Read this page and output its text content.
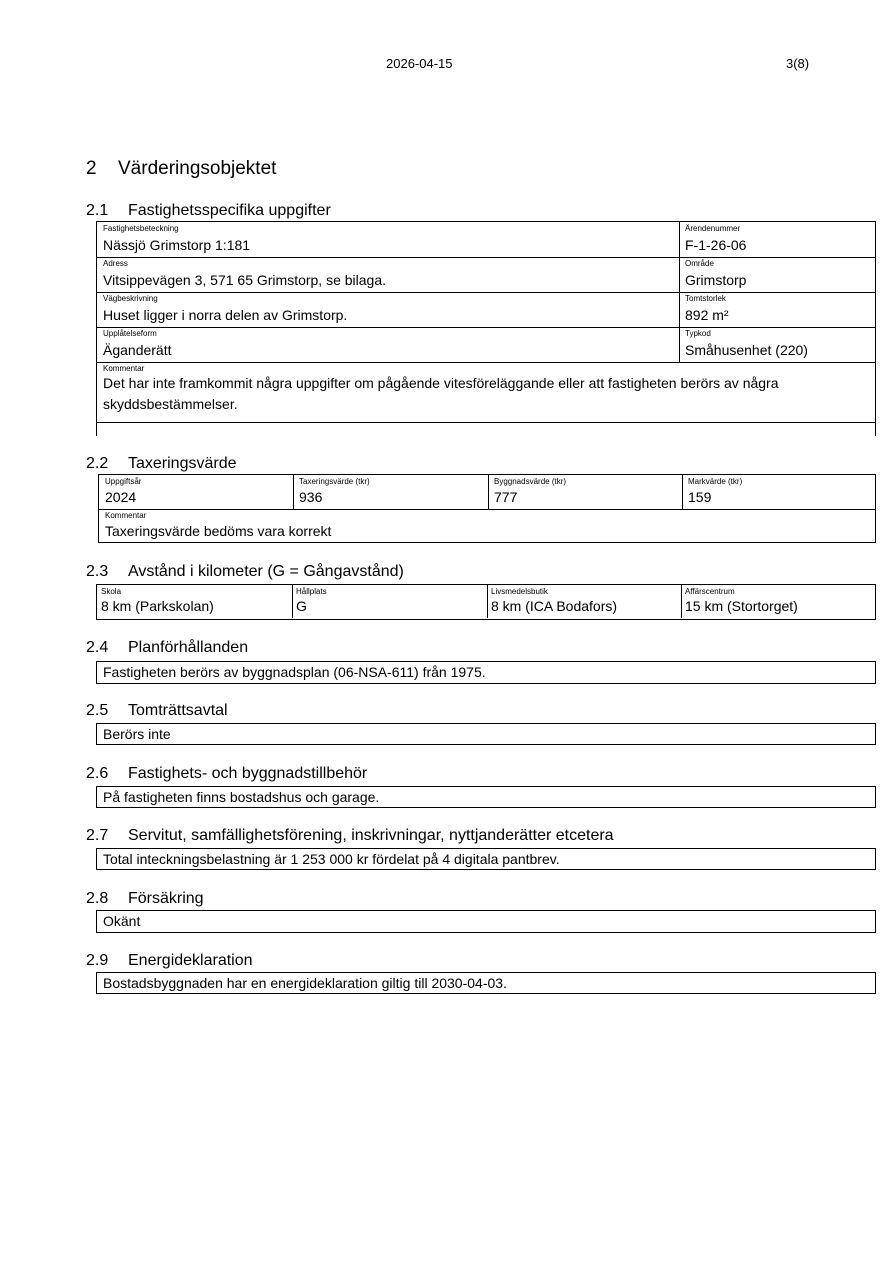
2026-04-15	3(8)
2 Värderingsobjektet
2.1 Fastighetsspecifika uppgifter
Fastighetsbeteckning
Nässjö Grimstorp 1:181
Ärendenummer
F-1-26-06
Adress
Vitsippevägen 3, 571 65 Grimstorp, se bilaga.
Område
Grimstorp
Vägbeskrivning
Huset ligger i norra delen av Grimstorp.
Tomtstorlek
892 m²
Upplåtelseform
Äganderätt
Typkod
Småhusenhet (220)
Kommentar
Det har inte framkommit några uppgifter om pågående vitesföreläggande eller att fastigheten berörs av några skyddsbestämmelser.
2.2 Taxeringsvärde
Uppgiftsår
2024
Taxeringsvärde (tkr)
936
Byggnadsvärde (tkr)
777
Markvärde (tkr)
159
Kommentar
Taxeringsvärde bedöms vara korrekt
2.3 Avstånd i kilometer (G = Gångavstånd)
Skola
8 km (Parkskolan)
Hållplats
G
Livsmedelsbutik
8 km (ICA Bodafors)
Affärscentrum
15 km (Stortorget)
2.4 Planförhållanden
Fastigheten berörs av byggnadsplan (06-NSA-611) från 1975.
2.5 Tomträttsavtal
Berörs inte
2.6 Fastighets- och byggnadstillbehör
På fastigheten finns bostadshus och garage.
2.7 Servitut, samfällighetsförening, inskrivningar, nyttjanderätter etcetera
Total inteckningsbelastning är 1 253 000 kr fördelat på 4 digitala pantbrev.
2.8 Försäkring
Okänt
2.9 Energideklaration
Bostadsbyggnaden har en energideklaration giltig till 2030-04-03.
